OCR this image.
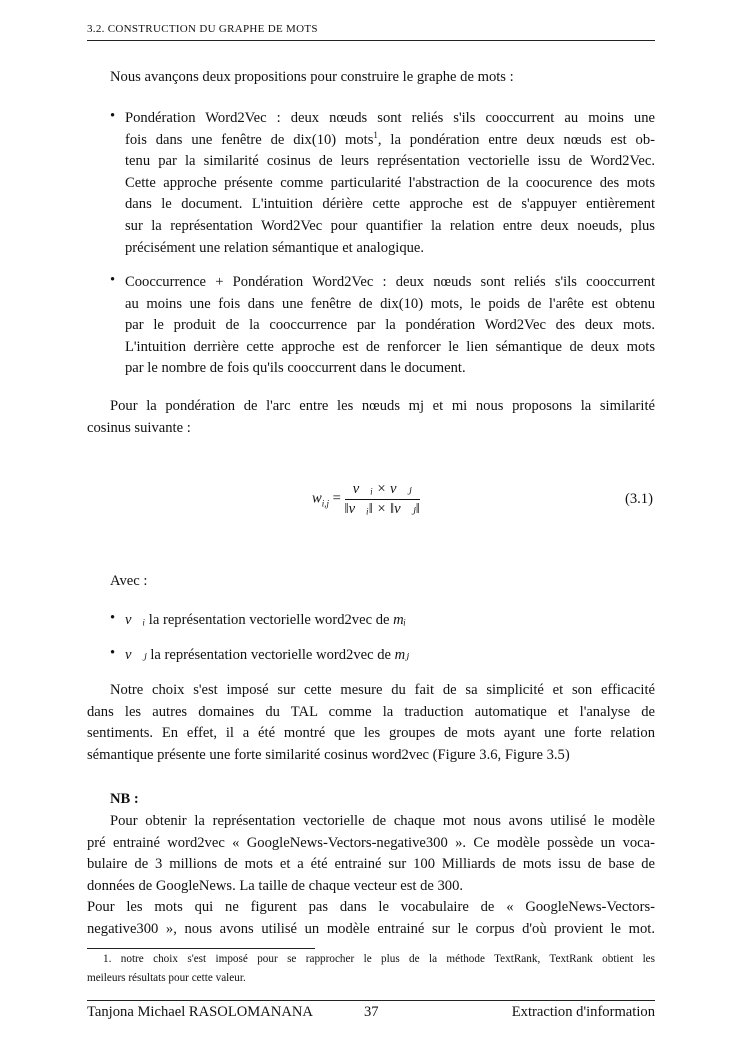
3.2. CONSTRUCTION DU GRAPHE DE MOTS
Nous avançons deux propositions pour construire le graphe de mots :
• Pondération Word2Vec : deux nœuds sont reliés s'ils cooccurrent au moins une
fois dans une fenêtre de dix(10) mots$^1$, la pondération entre deux nœuds est ob-
tenu par la similarité cosinus de leurs représentation vectorielle issu de Word2Vec.
Cette approche présente comme particularité l'abstraction de la coocurence des mots
dans le document. L'intuition dérière cette approche est de s'appuyer entièrement
sur la représentation Word2Vec pour quantifier la relation entre deux noeuds, plus
précisément une relation sémantique et analogique.
• Cooccurrence + Pondération Word2Vec : deux nœuds sont reliés s'ils cooccurrent
au moins une fois dans une fenêtre de dix(10) mots, le poids de l'arête est obtenu
par le produit de la cooccurrence par la pondération Word2Vec des deux mots.
L'intuition derrière cette approche est de renforcer le lien sémantique de deux mots
par le nombre de fois qu'ils cooccurrent dans le document.
Pour la pondération de l'arc entre les nœuds mj et mi nous proposons la similarité
cosinus suivante :
$w_{i,j} = \frac{\text{v⃗ᵢ × v⃗ⱼ}}{\text{‖v⃗ᵢ‖ × ‖v⃗ⱼ‖}}$	(3.1)
Avec :
• v⃗ᵢ la représentation vectorielle word2vec de mᵢ
• v⃗ⱼ la représentation vectorielle word2vec de mⱼ
Notre choix s'est imposé sur cette mesure du fait de sa simplicité et son efficacité
dans les autres domaines du TAL comme la traduction automatique et l'analyse de
sentiments. En effet, il a été montré que les groupes de mots ayant une forte relation
sémantique présente une forte similarité cosinus word2vec (Figure 3.6, Figure 3.5)
NB :
Pour obtenir la représentation vectorielle de chaque mot nous avons utilisé le modèle
pré entrainé word2vec « GoogleNews-Vectors-negative300 ». Ce modèle possède un voca-
bulaire de 3 millions de mots et a été entrainé sur 100 Milliards de mots issu de base de
données de GoogleNews. La taille de chaque vecteur est de 300.
Pour les mots qui ne figurent pas dans le vocabulaire de « GoogleNews-Vectors-
negative300 », nous avons utilisé un modèle entrainé sur le corpus d'où provient le mot.
1. notre choix s'est imposé pour se rapprocher le plus de la méthode TextRank, TextRank obtient les
meileurs résultats pour cette valeur.
Tanjona Michael RASOLOMANANA	37	Extraction d'information
